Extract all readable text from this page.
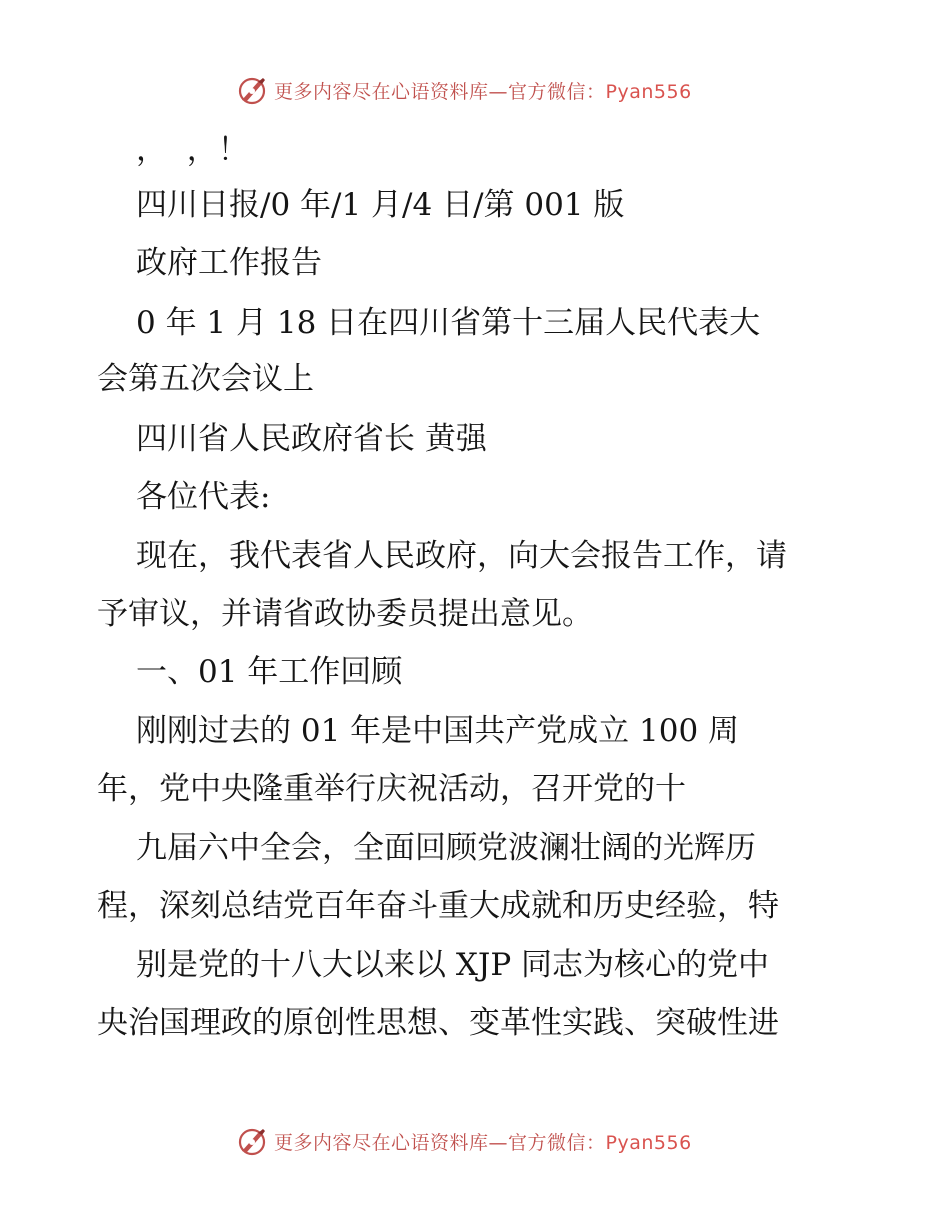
更多内容尽在心语资料库—官方微信：Pyan556
，  ，！
四川日报/0 年/1 月/4 日/第 001 版
政府工作报告
0 年 1 月 18 日在四川省第十三届人民代表大
会第五次会议上
四川省人民政府省长 黄强
各位代表:
现在，我代表省人民政府，向大会报告工作，请
予审议，并请省政协委员提出意见。
一、01 年工作回顾
刚刚过去的 01 年是中国共产党成立 100 周
年，党中央隆重举行庆祝活动，召开党的十
九届六中全会，全面回顾党波澜壮阔的光辉历
程，深刻总结党百年奋斗重大成就和历史经验，特
别是党的十八大以来以 XJP 同志为核心的党中
央治国理政的原创性思想、变革性实践、突破性进
更多内容尽在心语资料库—官方微信：Pyan556
